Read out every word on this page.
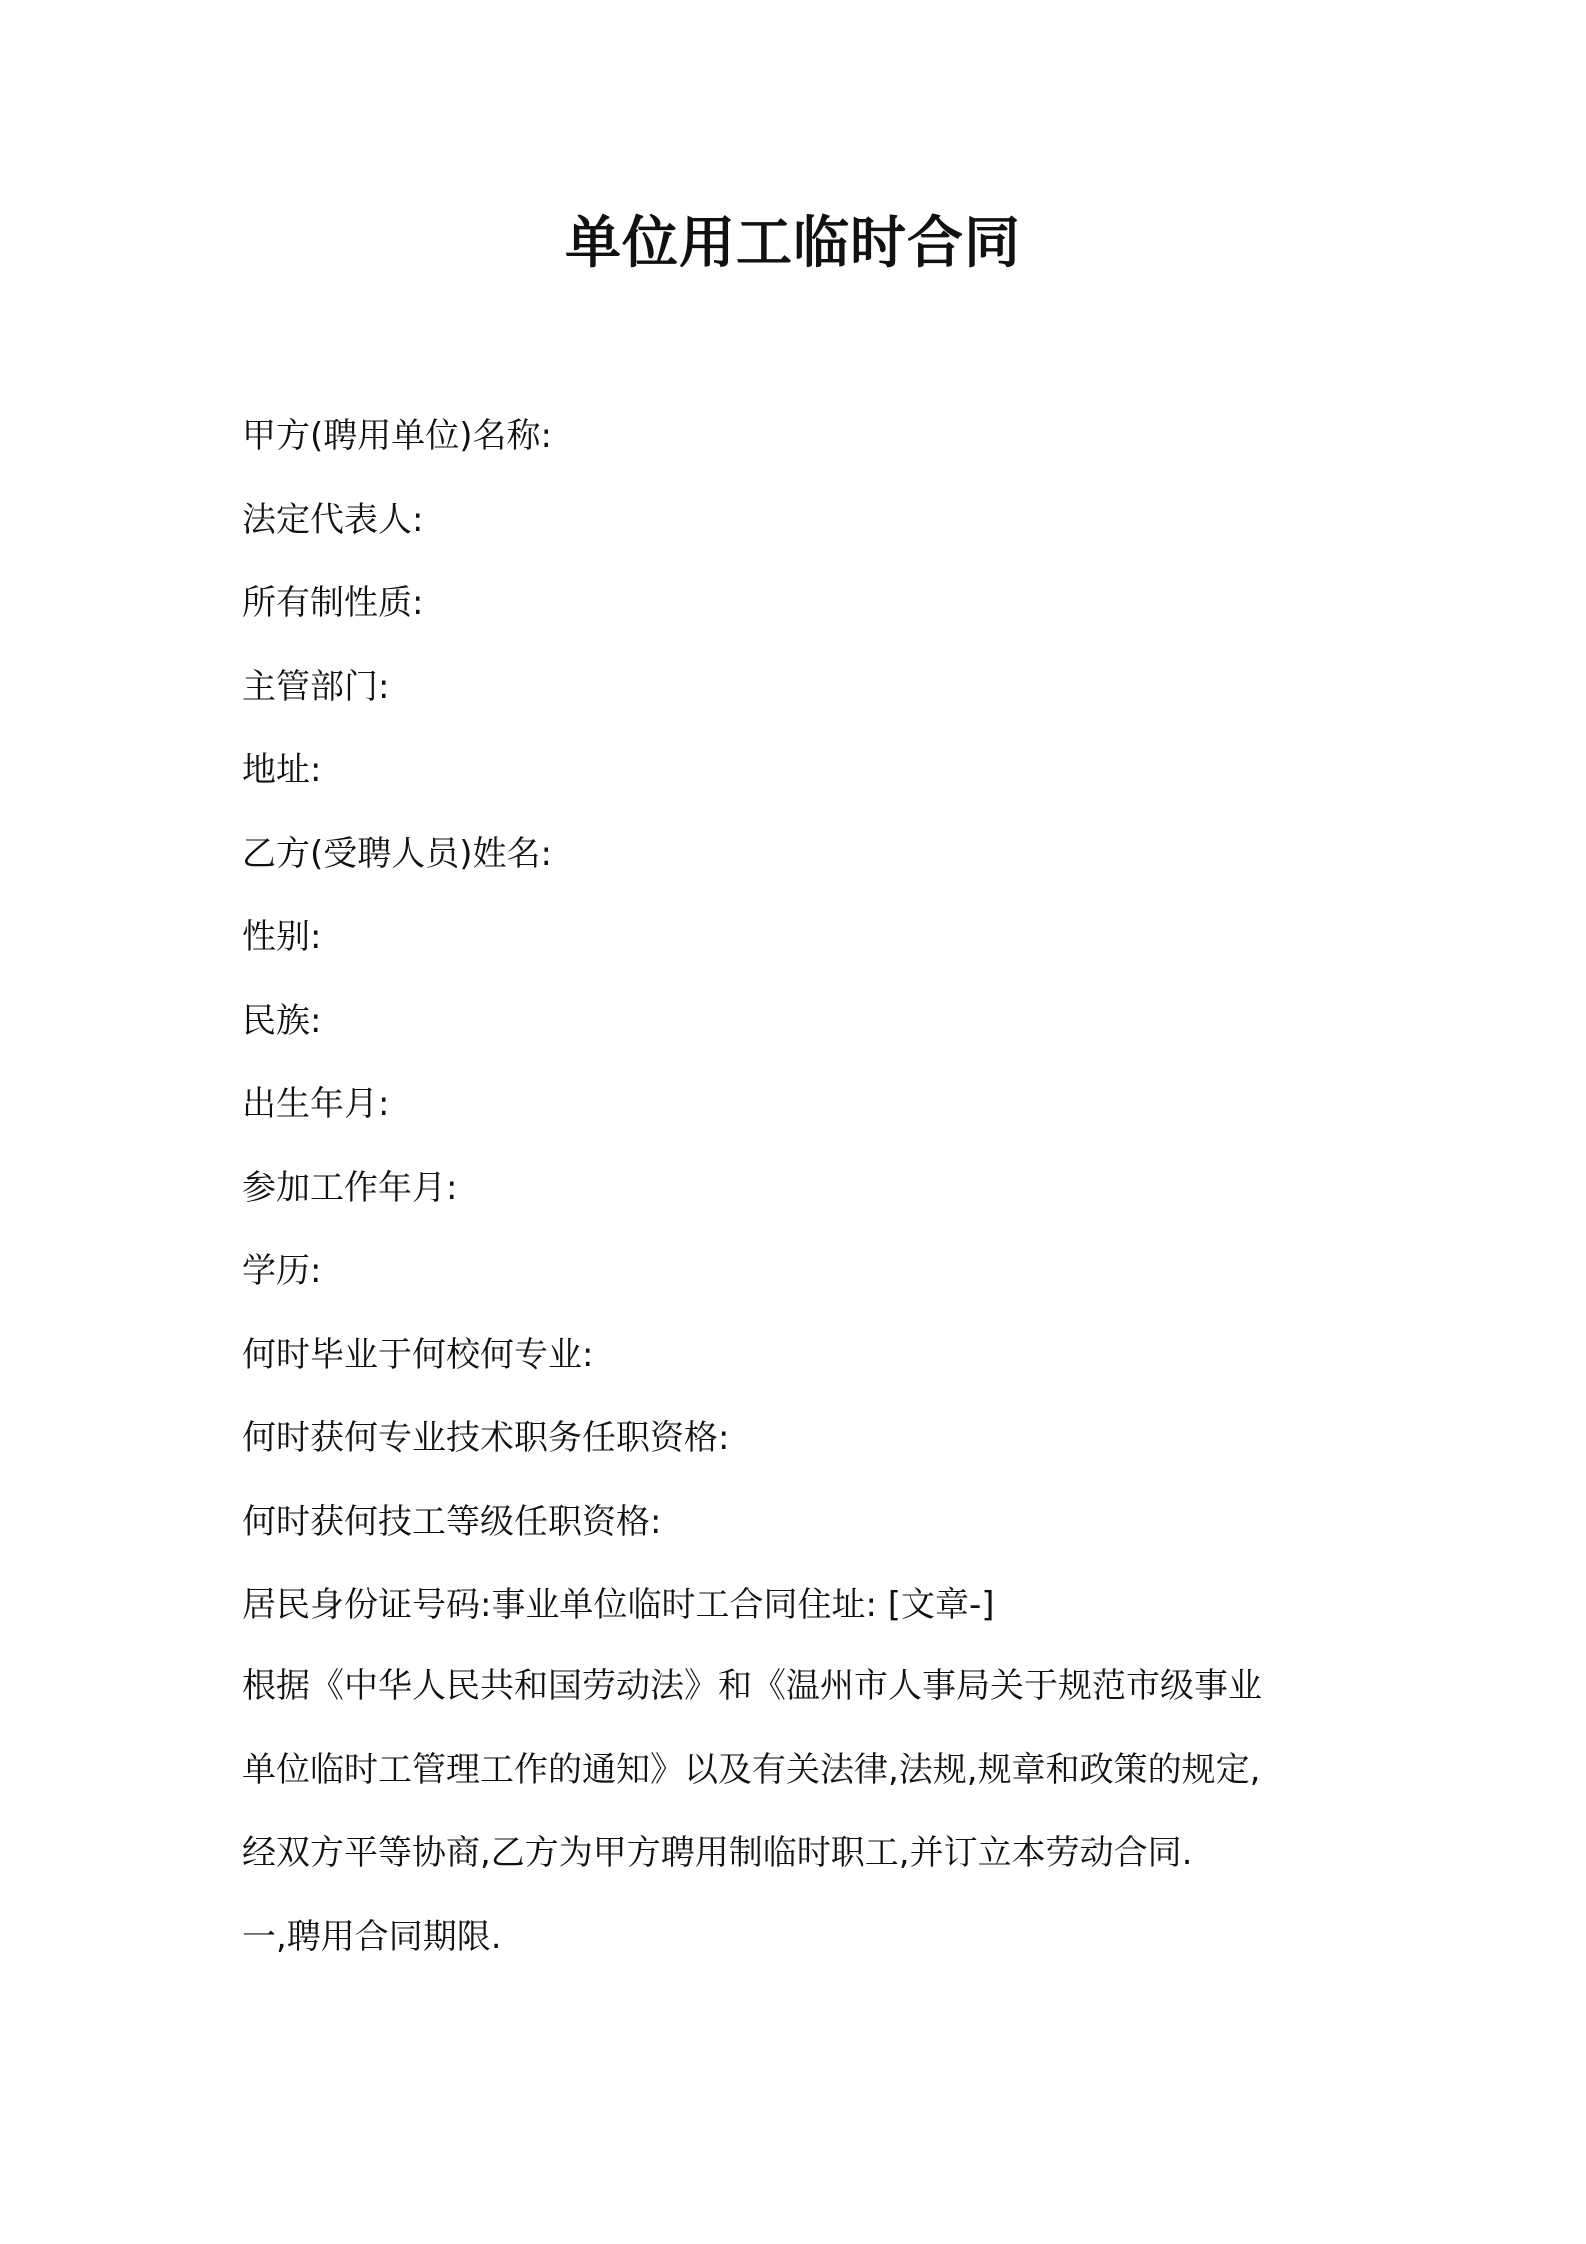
单位用工临时合同
甲方(聘用单位)名称:
法定代表人:
所有制性质:
主管部门:
地址:
乙方(受聘人员)姓名:
性别:
民族:
出生年月:
参加工作年月:
学历:
何时毕业于何校何专业:
何时获何专业技术职务任职资格:
何时获何技工等级任职资格:
居民身份证号码:事业单位临时工合同住址: [文章-]

根据《中华人民共和国劳动法》和《温州市人事局关于规范市级事业

单位临时工管理工作的通知》以及有关法律,法规,规章和政策的规定,

经双方平等协商,乙方为甲方聘用制临时职工,并订立本劳动合同.

一,聘用合同期限.
